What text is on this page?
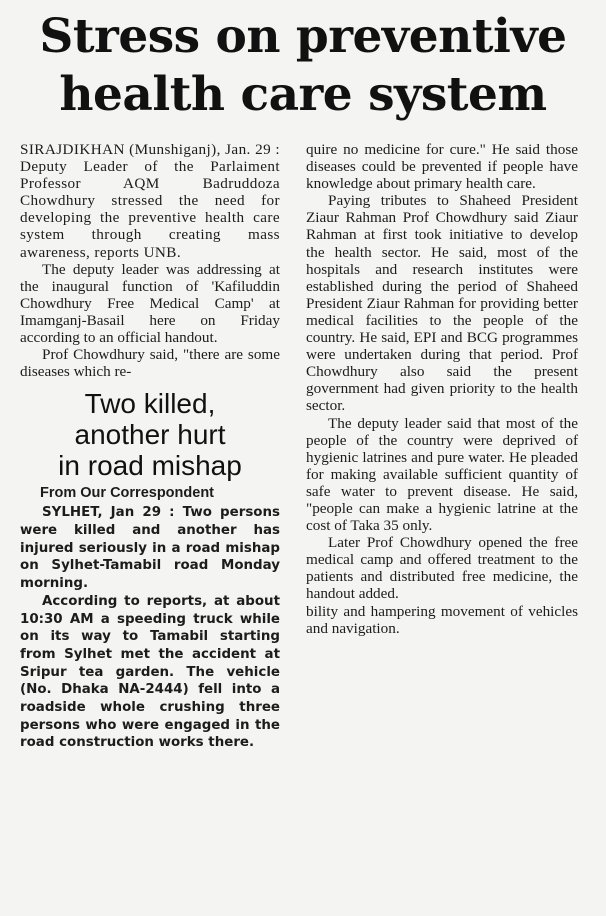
Stress on preventive
health care system

SIRAJDIKHAN (Munshiganj), Jan. 29 : Deputy Leader of the Parlaiment Professor AQM Badruddoza Chowdhury stressed the need for developing the preventive health care system through creating mass awareness, reports UNB.

The deputy leader was addressing at the inaugural function of 'Kafiluddin Chowdhury Free Medical Camp' at Imamganj-Basail here on Friday according to an official handout.

Prof Chowdhury said, "there are some diseases which re-

Two killed,
another hurt
in road mishap
From Our Correspondent

SYLHET, Jan 29 : Two persons were killed and another has injured seriously in a road mishap on Sylhet-Tamabil road Monday morning.

According to reports, at about 10:30 AM a speeding truck while on its way to Tamabil starting from Sylhet met the accident at Sripur tea garden. The vehicle (No. Dhaka NA-2444) fell into a roadside whole crushing three persons who were engaged in the road construction works there.

quire no medicine for cure." He said those diseases could be prevented if people have knowledge about primary health care.

Paying tributes to Shaheed President Ziaur Rahman Prof Chowdhury said Ziaur Rahman at first took initiative to develop the health sector. He said, most of the hospitals and research institutes were established during the period of Shaheed President Ziaur Rahman for providing better medical facilities to the people of the country. He said, EPI and BCG programmes were undertaken during that period. Prof Chowdhury also said the present government had given priority to the health sector.

The deputy leader said that most of the people of the country were deprived of hygienic latrines and pure water. He pleaded for making available sufficient quantity of safe water to prevent disease. He said, "people can make a hygienic latrine at the cost of Taka 35 only.

Later Prof Chowdhury opened the free medical camp and offered treatment to the patients and distributed free medicine, the handout added.

bility and hampering movement of vehicles and navigation.
